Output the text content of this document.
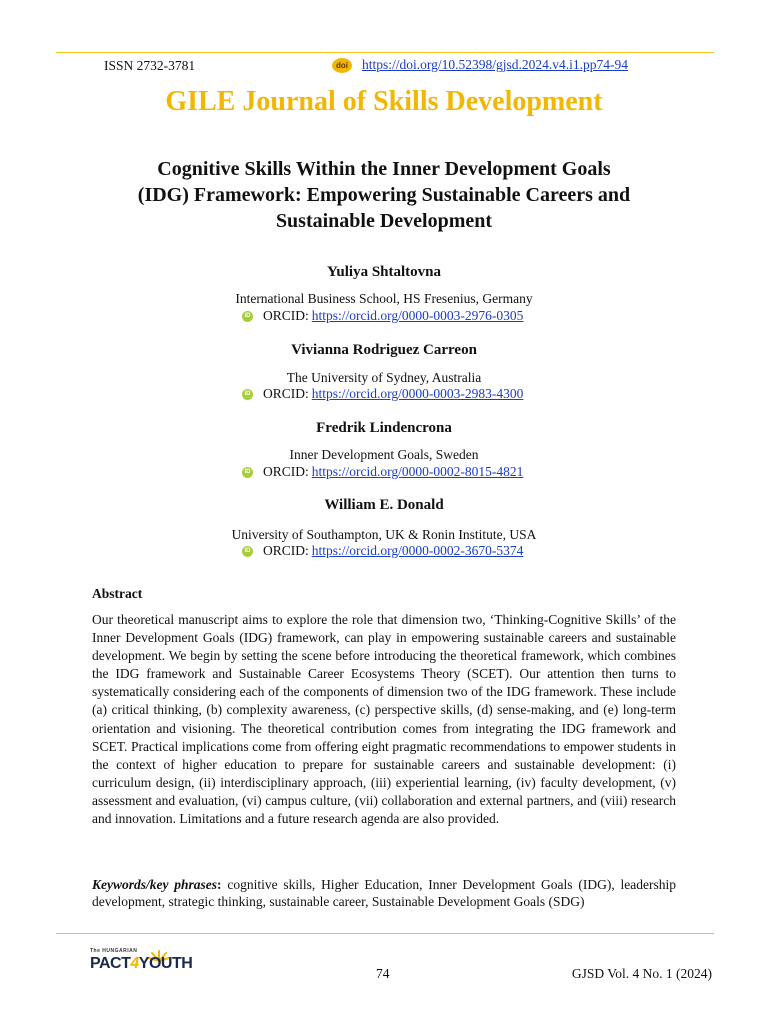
ISSN 2732-3781	doi https://doi.org/10.52398/gjsd.2024.v4.i1.pp74-94
GILE Journal of Skills Development
Cognitive Skills Within the Inner Development Goals
(IDG) Framework: Empowering Sustainable Careers and
Sustainable Development
Yuliya Shtaltovna
International Business School, HS Fresenius, Germany
iD ORCID: https://orcid.org/0000-0003-2976-0305
Vivianna Rodriguez Carreon
The University of Sydney, Australia
iD ORCID: https://orcid.org/0000-0003-2983-4300
Fredrik Lindencrona
Inner Development Goals, Sweden
iD ORCID: https://orcid.org/0000-0002-8015-4821
William E. Donald
University of Southampton, UK & Ronin Institute, USA
iD ORCID: https://orcid.org/0000-0002-3670-5374
Abstract

Our theoretical manuscript aims to explore the role that dimension two, ‘Thinking-Cognitive Skills’ of the Inner Development Goals (IDG) framework, can play in empowering sustainable careers and sustainable development. We begin by setting the scene before introducing the theoretical framework, which combines the IDG framework and Sustainable Career Ecosystems Theory (SCET). Our attention then turns to systematically considering each of the components of dimension two of the IDG framework. These include (a) critical thinking, (b) complexity awareness, (c) perspective skills, (d) sense-making, and (e) long-term orientation and visioning. The theoretical contribution comes from integrating the IDG framework and SCET. Practical implications come from offering eight pragmatic recommendations to empower students in the context of higher education to prepare for sustainable careers and sustainable development: (i) curriculum design, (ii) interdisciplinary approach, (iii) experiential learning, (iv) faculty development, (v) assessment and evaluation, (vi) campus culture, (vii) collaboration and external partners, and (viii) research and innovation. Limitations and a future research agenda are also provided.

Keywords/key phrases: cognitive skills, Higher Education, Inner Development Goals (IDG), leadership development, strategic thinking, sustainable career, Sustainable Development Goals (SDG)

The HUNGARIAN
PACT4YOUTH
74	GJSD Vol. 4 No. 1 (2024)
